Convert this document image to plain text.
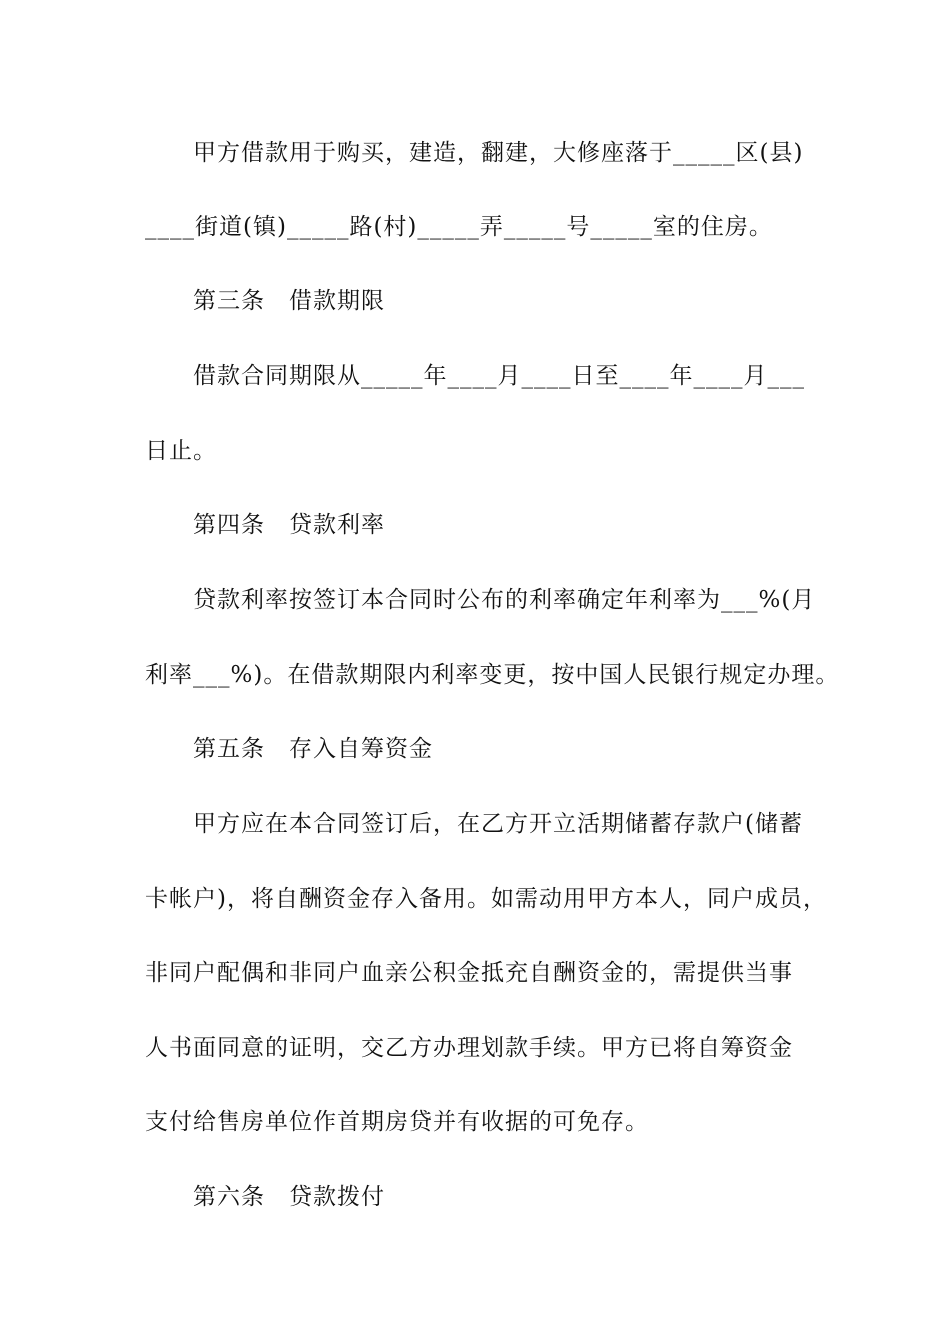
甲方借款用于购买，建造，翻建，大修座落于_____区(县)
____街道(镇)_____路(村)_____弄_____号_____室的住房。
第三条　借款期限
借款合同期限从_____年____月____日至____年____月___
日止。
第四条　贷款利率
贷款利率按签订本合同时公布的利率确定年利率为___%(月
利率___%)。在借款期限内利率变更，按中国人民银行规定办理。
第五条　存入自筹资金
甲方应在本合同签订后，在乙方开立活期储蓄存款户(储蓄
卡帐户)，将自酬资金存入备用。如需动用甲方本人，同户成员，
非同户配偶和非同户血亲公积金抵充自酬资金的，需提供当事
人书面同意的证明，交乙方办理划款手续。甲方已将自筹资金
支付给售房单位作首期房贷并有收据的可免存。
第六条　贷款拨付
